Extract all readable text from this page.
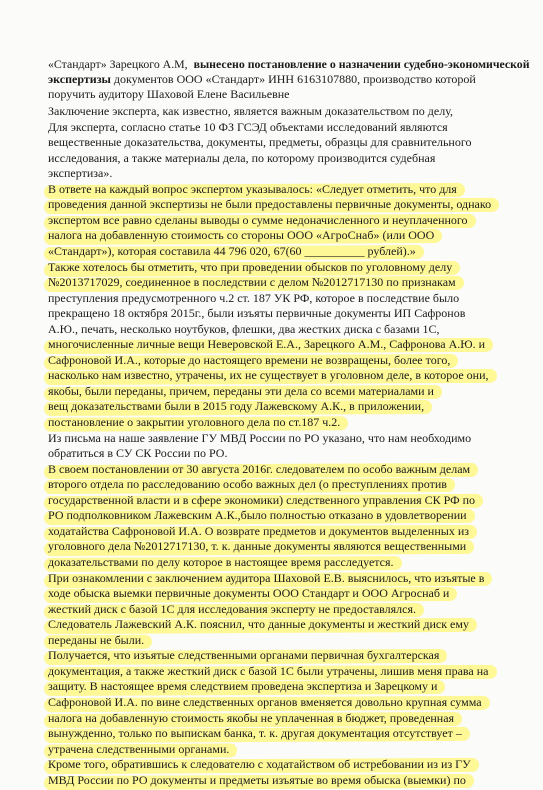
«Стандарт» Зарецкого А.М, вынесено постановление о назначении судебно-экономической
экспертизы документов ООО «Стандарт» ИНН 6163107880, производство которой
поручить аудитору Шаховой Елене Васильевне
Заключение эксперта, как известно, является важным доказательством по делу,
Для эксперта, согласно статье 10 ФЗ ГСЭД объектами исследований являются
вещественные доказательства, документы, предметы, образцы для сравнительного
исследования, а также материалы дела, по которому производится судебная
экспертиза».
В ответе на каждый вопрос экспертом указывалось: «Следует отметить, что для
проведения данной экспертизы не были предоставлены первичные документы, однако
экспертом все равно сделаны выводы о сумме недоначисленного и неуплаченного
налога на добавленную стоимость со стороны ООО «АгроСнаб» (или ООО
«Стандарт»), которая составила 44 796 020, 67(60 __________ рублей).»
Также хотелось бы отметить, что при проведении обысков по уголовному делу
№2013717029, соединенное в последствии с делом №2012717130 по признакам
преступления предусмотренного ч.2 ст. 187 УК РФ, которое в последствие было
прекращено 18 октября 2015г., были изъяты первичные документы ИП Сафронов
А.Ю., печать, несколько ноутбуков, флешки, два жестких диска с базами 1С,
многочисленные личные вещи Неверовской Е.А., Зарецкого А.М., Сафронова А.Ю. и
Сафроновой И.А., которые до настоящего времени не возвращены, более того,
насколько нам известно, утрачены, их не существует в уголовном деле, в которое они,
якобы, были переданы, причем, переданы эти дела со всеми материалами и
вещ доказательствами были в 2015 году Лажевскому А.К., в приложении,
постановление о закрытии уголовного дела по ст.187 ч.2.
Из письма на наше заявление ГУ МВД России по РО указано, что нам необходимо
обратиться в СУ СК России по РО.
В своем постановлении от 30 августа 2016г. следователем по особо важным делам
второго отдела по расследованию особо важных дел (о преступлениях против
государственной власти и в сфере экономики) следственного управления СК РФ по
РО подполковником Лажевским А.К.,было полностью отказано в удовлетворении
ходатайства Сафроновой И.А. О возврате предметов и документов выделенных из
уголовного дела №2012717130, т. к. данные документы являются вещественными
доказательствами по делу которое в настоящее время расследуется.
При ознакомлении с заключением аудитора Шаховой Е.В. выяснилось, что изъятые в
ходе обыска выемки первичные документы ООО Стандарт и ООО Агроснаб и
жесткий диск с базой 1С для исследования эксперту не предоставлялся.
Следователь Лажевский А.К. пояснил, что данные документы и жесткий диск ему
переданы не были.
Получается, что изъятые следственными органами первичная бухгалтерская
документация, а также жесткий диск с базой 1С были утрачены, лишив меня права на
защиту. В настоящее время следствием проведена экспертиза и Зарецкому и
Сафроновой И.А. по вине следственных органов вменяется довольно крупная сумма
налога на добавленную стоимость якобы не уплаченная в бюджет, проведенная
вынужденно, только по выпискам банка, т. к. другая документация отсутствует –
утрачена следственными органами.
Кроме того, обратившись к следователю с ходатайством об истребовании из из ГУ
МВД России по РО документы и предметы изъятые во время обыска (выемки) по
